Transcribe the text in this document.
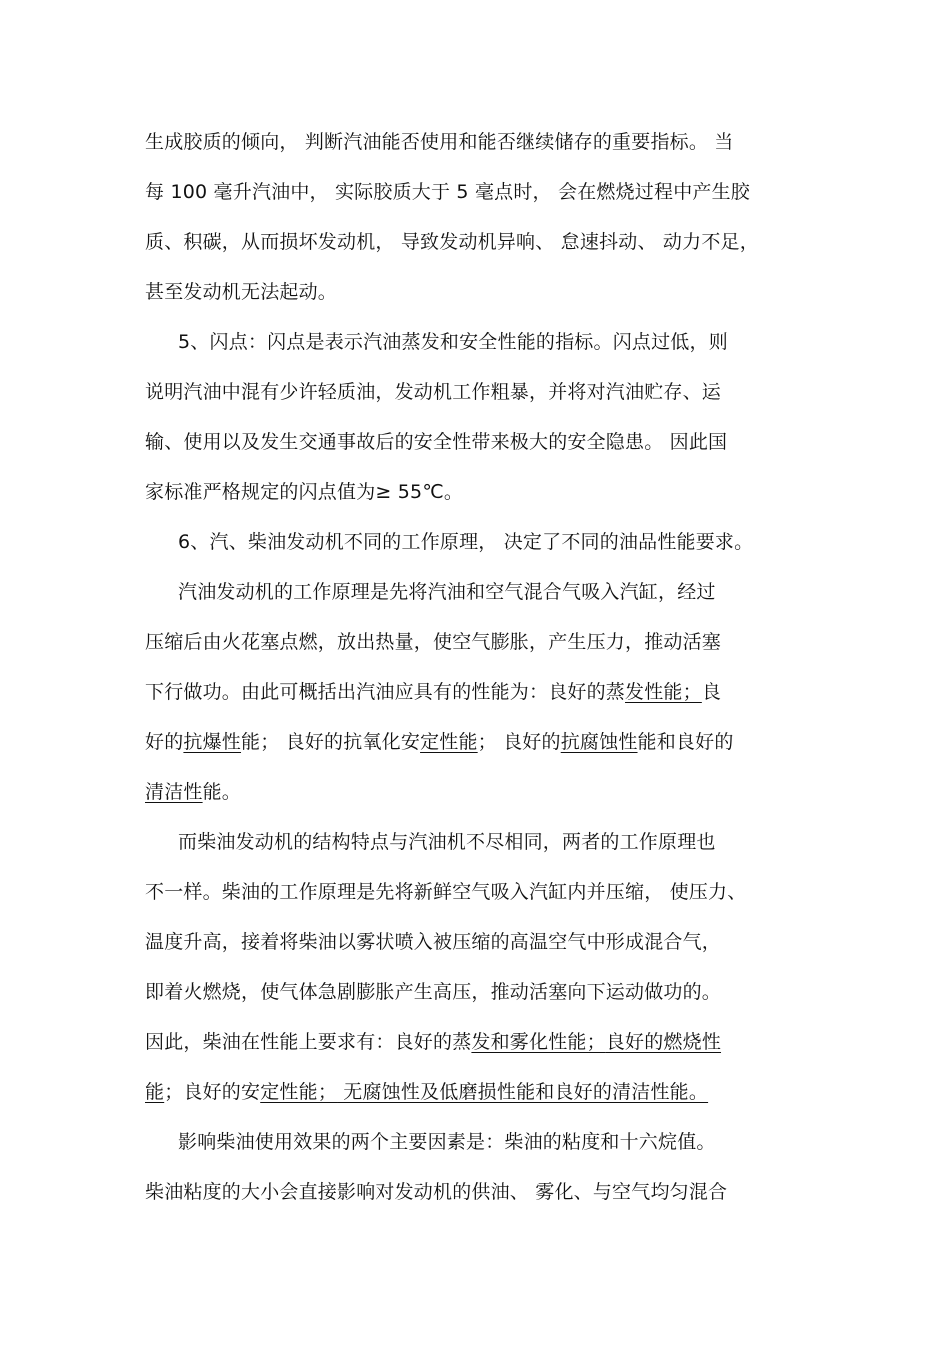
生成胶质的倾向， 判断汽油能否使用和能否继续储存的重要指标。 当
每 100 毫升汽油中， 实际胶质大于 5 毫点时， 会在燃烧过程中产生胶
质、积碳，从而损坏发动机， 导致发动机异响、 怠速抖动、 动力不足，
甚至发动机无法起动。
5、闪点：闪点是表示汽油蒸发和安全性能的指标。闪点过低，则
说明汽油中混有少许轻质油，发动机工作粗暴，并将对汽油贮存、运
输、使用以及发生交通事故后的安全性带来极大的安全隐患。 因此国
家标准严格规定的闪点值为≥ 55℃。
6、汽、柴油发动机不同的工作原理， 决定了不同的油品性能要求。
汽油发动机的工作原理是先将汽油和空气混合气吸入汽缸，经过
压缩后由火花塞点燃，放出热量，使空气膨胀，产生压力，推动活塞
下行做功。由此可概括出汽油应具有的性能为：良好的蒸发性能；良
好的抗爆性能； 良好的抗氧化安定性能； 良好的抗腐蚀性能和良好的
清洁性能。
而柴油发动机的结构特点与汽油机不尽相同，两者的工作原理也
不一样。柴油的工作原理是先将新鲜空气吸入汽缸内并压缩， 使压力、
温度升高，接着将柴油以雾状喷入被压缩的高温空气中形成混合气，
即着火燃烧，使气体急剧膨胀产生高压，推动活塞向下运动做功的。
因此，柴油在性能上要求有：良好的蒸发和雾化性能；良好的燃烧性
能；良好的安定性能； 无腐蚀性及低磨损性能和良好的清洁性能。
影响柴油使用效果的两个主要因素是：柴油的粘度和十六烷值。
柴油粘度的大小会直接影响对发动机的供油、 雾化、与空气均匀混合
